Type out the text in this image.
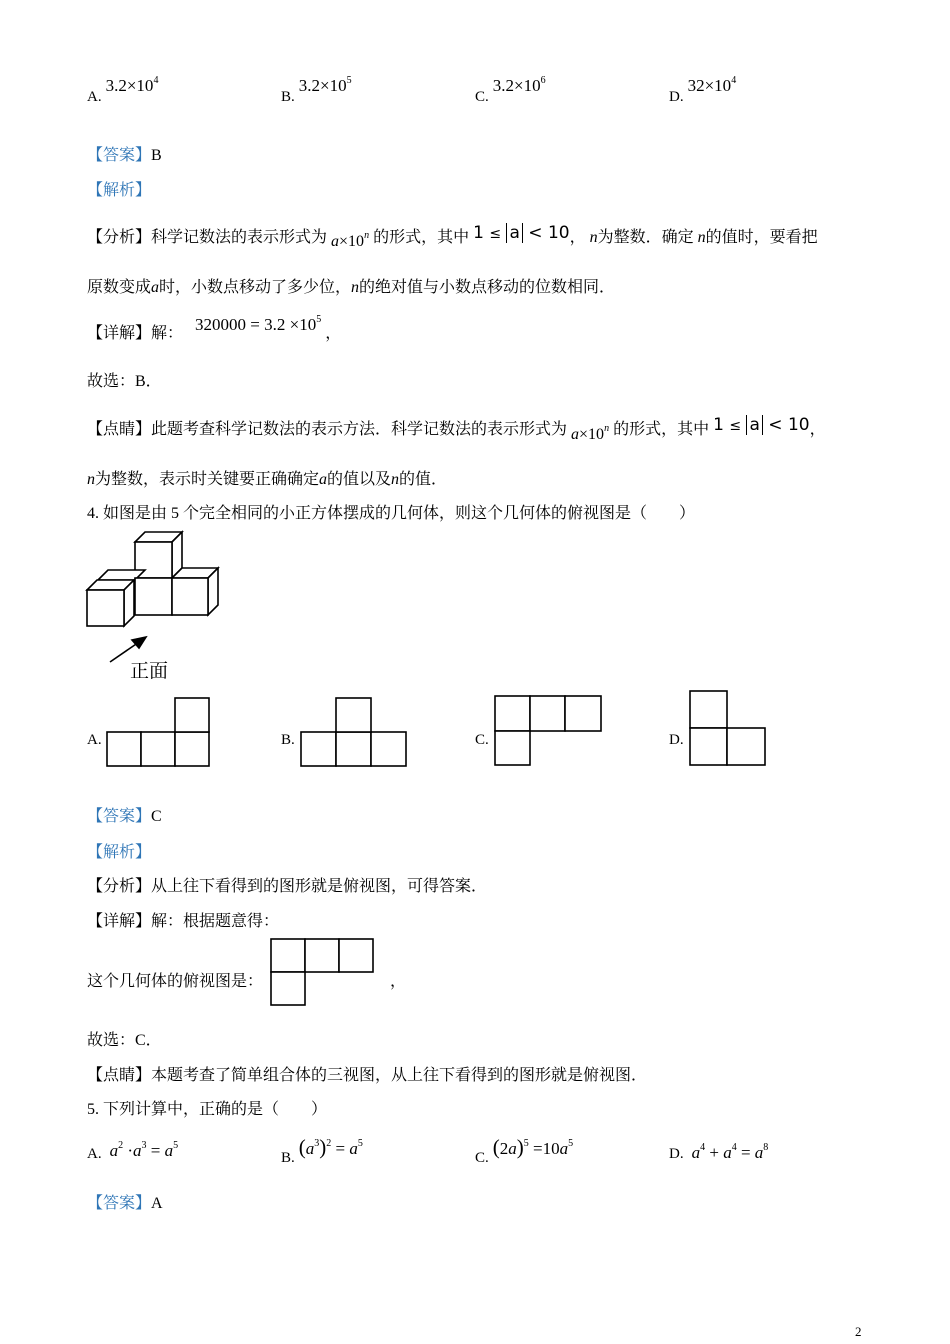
A. $3.2\times 10^4$
B. $3.2\times 10^5$
C. $3.2\times 10^6$
D. $32\times 10^4$
【答案】B
【解析】
【分析】科学记数法的表示形式为 $a\times 10^n$ 的形式，其中 1 ≤ a < 10， n为整数．确定 n的值时，要看把
原数变成a时，小数点移动了多少位，n的绝对值与小数点移动的位数相同．
【详解】解： $320000 = 3.2 \times 10^5$ ，
故选：B．
【点睛】此题考查科学记数法的表示方法．科学记数法的表示形式为 $a\times 10^n$ 的形式，其中 1 ≤ a < 10，
n为整数，表示时关键要正确确定a的值以及n的值．
4. 如图是由 5 个完全相同的小正方体摆成的几何体，则这个几何体的俯视图是（　　）
正面
A.	B.	C.	D.
【答案】C
【解析】
【分析】从上往下看得到的图形就是俯视图，可得答案．
【详解】解：根据题意得：
这个几何体的俯视图是：	，
故选：C．
【点睛】本题考查了简单组合体的三视图，从上往下看得到的图形就是俯视图．
5. 下列计算中，正确的是（　　）
A. $a^2 \cdot a^3 = a^5$
B. $(a^3)^2 = a^5$
C. $(2a)^5 =10a^5$
D. $a^4 + a^4 = a^8$
【答案】A
2
